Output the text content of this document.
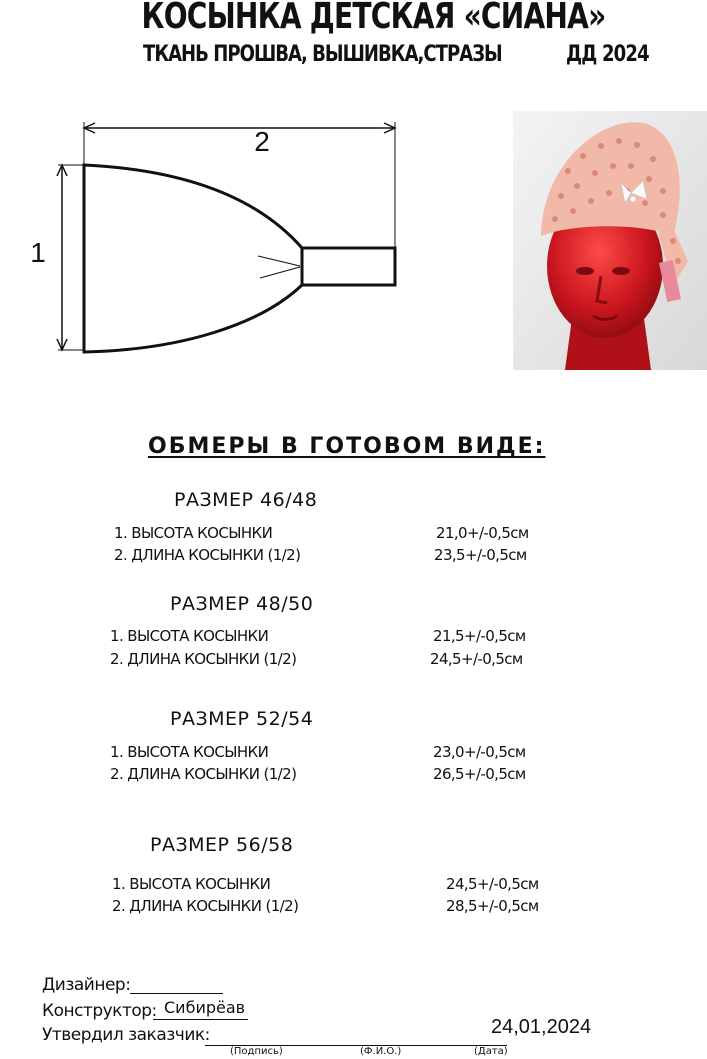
КОСЫНКА ДЕТСКАЯ «СИАНА»
ТКАНЬ ПРОШВА, ВЫШИВКА,СТРАЗЫ	ДД 2024
2
1
ОБМЕРЫ В ГОТОВОМ ВИДЕ:
РАЗМЕР 46/48
1. ВЫСОТА КОСЫНКИ	21,0+/-0,5см
2. ДЛИНА КОСЫНКИ (1/2)	23,5+/-0,5см
РАЗМЕР 48/50
1. ВЫСОТА КОСЫНКИ	21,5+/-0,5см
2. ДЛИНА КОСЫНКИ (1/2)	24,5+/-0,5см
РАЗМЕР 52/54
1. ВЫСОТА КОСЫНКИ	23,0+/-0,5см
2. ДЛИНА КОСЫНКИ (1/2)	26,5+/-0,5см
РАЗМЕР 56/58
1. ВЫСОТА КОСЫНКИ	24,5+/-0,5см
2. ДЛИНА КОСЫНКИ (1/2)	28,5+/-0,5см
Дизайнер:
Конструктор: Сибирёав
Утвердил заказчик:	24,01,2024
(Подпись)	(Ф.И.О.)	(Дата)
